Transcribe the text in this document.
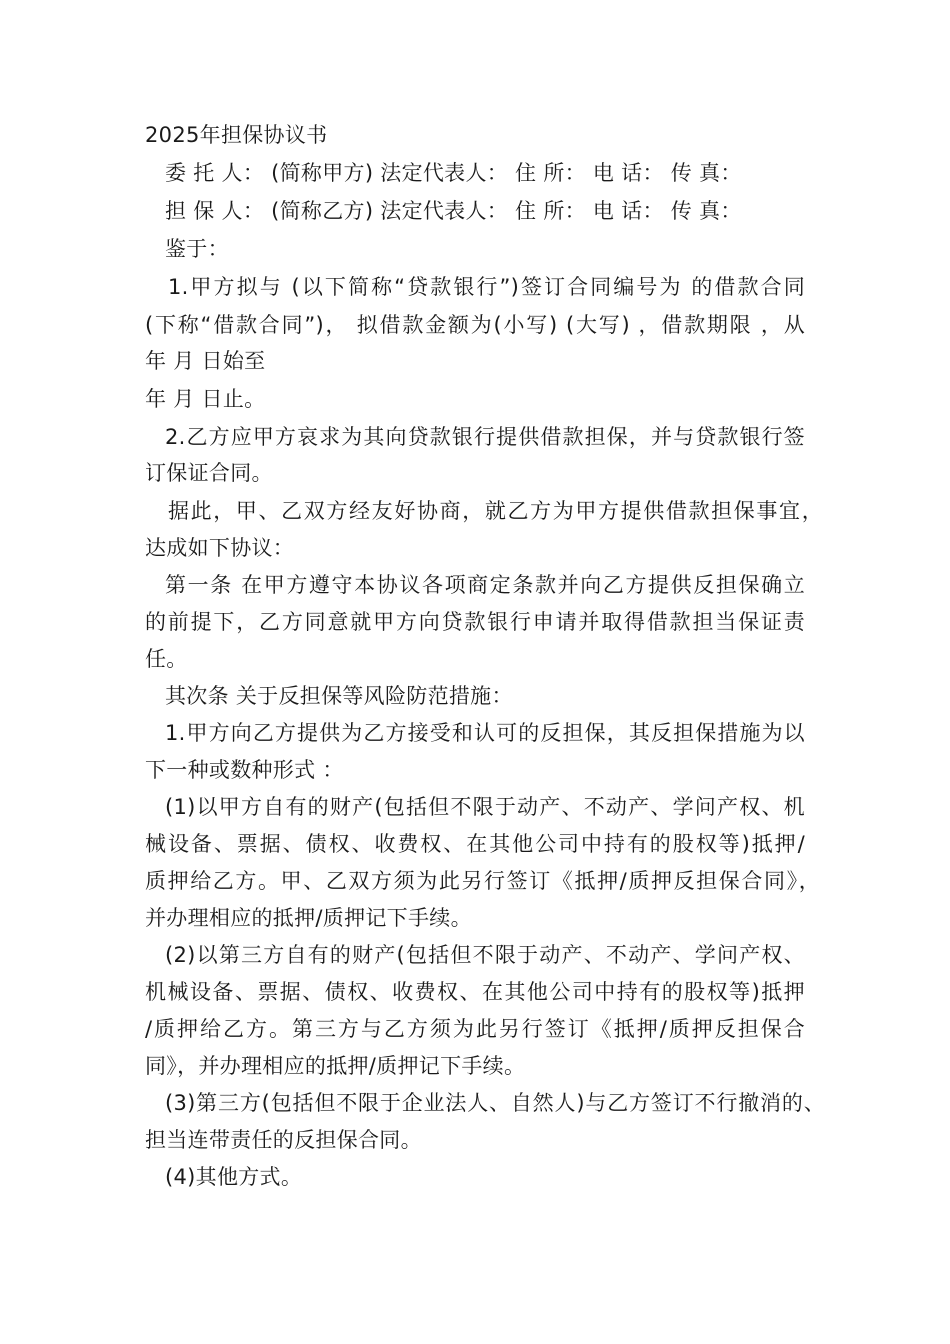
2025年担保协议书
委 托 人： (简称甲方) 法定代表人： 住 所： 电 话： 传 真：
担 保 人： (简称乙方) 法定代表人： 住 所： 电 话： 传 真：
鉴于：
1.甲方拟与 (以下简称“贷款银行”)签订合同编号为 的借款合同
(下称“借款合同”)， 拟借款金额为(小写) (大写) ，借款期限 ，从
年 月 日始至
年 月 日止。
2.乙方应甲方哀求为其向贷款银行提供借款担保，并与贷款银行签
订保证合同。
据此，甲、乙双方经友好协商，就乙方为甲方提供借款担保事宜，
达成如下协议：
第一条 在甲方遵守本协议各项商定条款并向乙方提供反担保确立
的前提下，乙方同意就甲方向贷款银行申请并取得借款担当保证责
任。
其次条 关于反担保等风险防范措施：
1.甲方向乙方提供为乙方接受和认可的反担保，其反担保措施为以
下一种或数种形式 ：
(1)以甲方自有的财产(包括但不限于动产、不动产、学问产权、机
械设备、票据、债权、收费权、在其他公司中持有的股权等)抵押/
质押给乙方。甲、乙双方须为此另行签订《抵押/质押反担保合同》，
并办理相应的抵押/质押记下手续。
(2)以第三方自有的财产(包括但不限于动产、不动产、学问产权、
机械设备、票据、债权、收费权、在其他公司中持有的股权等)抵押
/质押给乙方。第三方与乙方须为此另行签订《抵押/质押反担保合
同》，并办理相应的抵押/质押记下手续。
(3)第三方(包括但不限于企业法人、自然人)与乙方签订不行撤消的、
担当连带责任的反担保合同。
(4)其他方式。
